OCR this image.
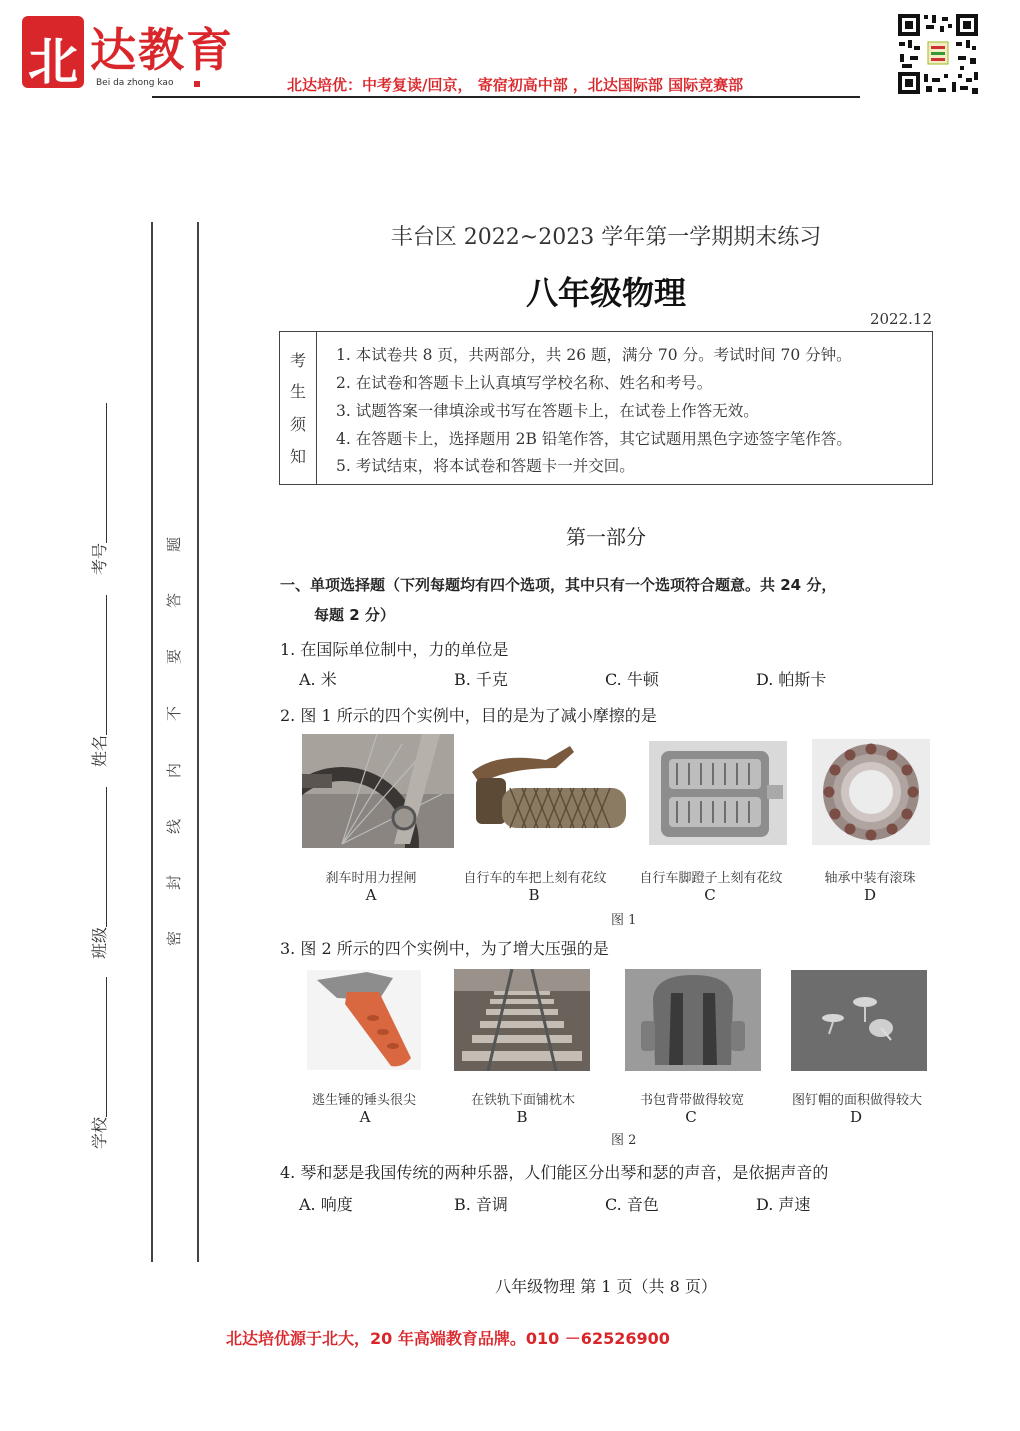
北 达教育
Bei da zhong kao	北达培优：中考复读/回京， 寄宿初高中部 ，北达国际部 国际竞赛部
考号
姓名
班级
学校
题
答
要
不
内
线
封
密
丰台区 2022~2023 学年第一学期期末练习
八年级物理
2022.12
考
生
须
知
1. 本试卷共 8 页，共两部分，共 26 题，满分 70 分。考试时间 70 分钟。
2. 在试卷和答题卡上认真填写学校名称、姓名和考号。
3. 试题答案一律填涂或书写在答题卡上，在试卷上作答无效。
4. 在答题卡上，选择题用 2B 铅笔作答，其它试题用黑色字迹签字笔作答。
5. 考试结束，将本试卷和答题卡一并交回。
第一部分
一、单项选择题（下列每题均有四个选项，其中只有一个选项符合题意。共 24 分，
每题 2 分）
1. 在国际单位制中，力的单位是
A. 米	B. 千克	C. 牛顿	D. 帕斯卡
2. 图 1 所示的四个实例中，目的是为了减小摩擦的是
刹车时用力捏闸	自行车的车把上刻有花纹	自行车脚蹬子上刻有花纹	轴承中装有滚珠
A	B	C	D
图 1
3. 图 2 所示的四个实例中，为了增大压强的是
逃生锤的锤头很尖	在铁轨下面铺枕木	书包背带做得较宽	图钉帽的面积做得较大
A	B	C	D
图 2
4. 琴和瑟是我国传统的两种乐器，人们能区分出琴和瑟的声音，是依据声音的
A. 响度	B. 音调	C. 音色	D. 声速
八年级物理 第 1 页（共 8 页）
北达培优源于北大，20 年高端教育品牌。010 －62526900
